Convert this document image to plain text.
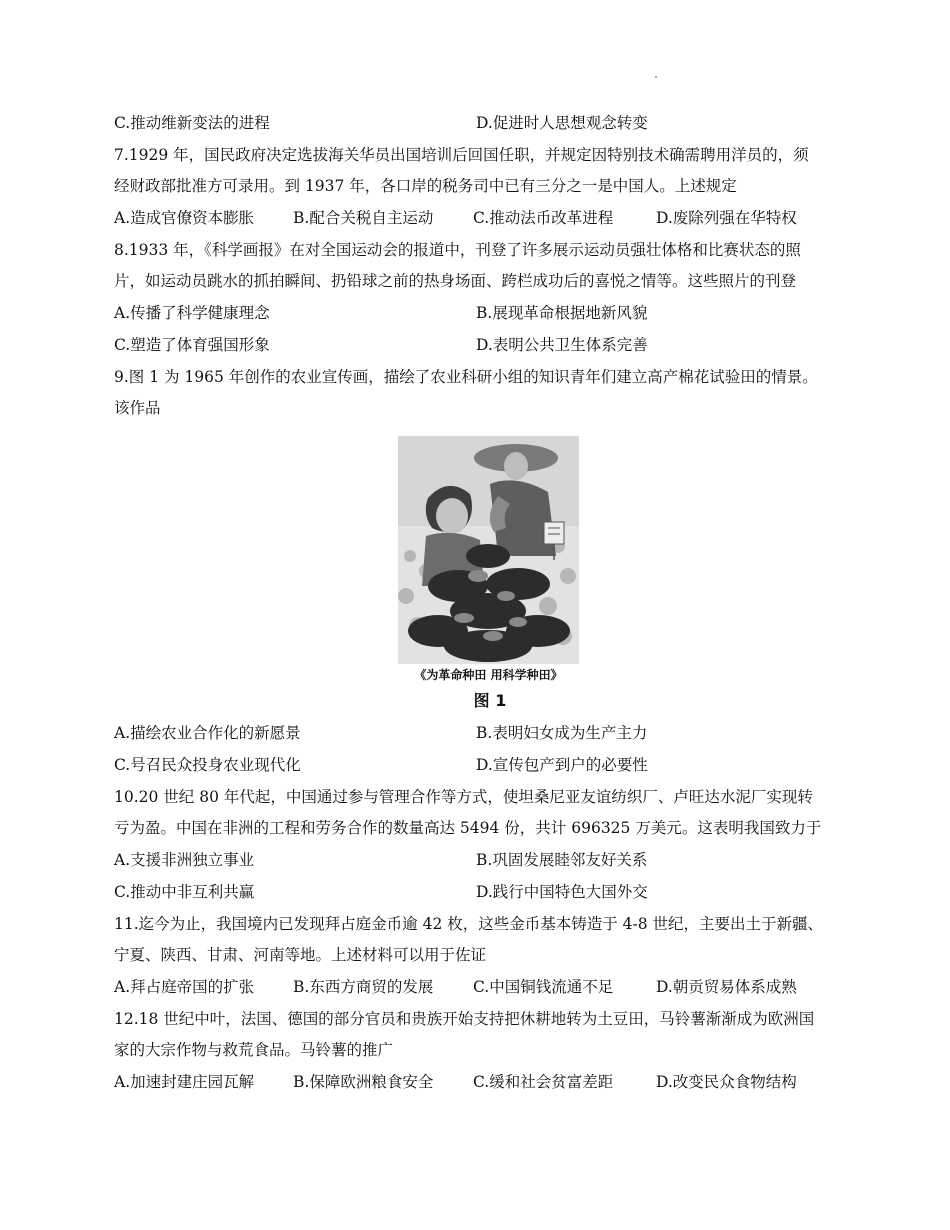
C.推动维新变法的进程	D.促进时人思想观念转变
7.1929 年，国民政府决定选拔海关华员出国培训后回国任职，并规定因特别技术确需聘用洋员的，须
经财政部批准方可录用。到 1937 年，各口岸的税务司中已有三分之一是中国人。上述规定
A.造成官僚资本膨胀	B.配合关税自主运动	C.推动法币改革进程	D.废除列强在华特权
8.1933 年，《科学画报》在对全国运动会的报道中，刊登了许多展示运动员强壮体格和比赛状态的照
片，如运动员跳水的抓拍瞬间、扔铅球之前的热身场面、跨栏成功后的喜悦之情等。这些照片的刊登
A.传播了科学健康理念	B.展现革命根据地新风貌
C.塑造了体育强国形象	D.表明公共卫生体系完善
9.图 1 为 1965 年创作的农业宣传画，描绘了农业科研小组的知识青年们建立高产棉花试验田的情景。
该作品
《为革命种田 用科学种田》
图 1
A.描绘农业合作化的新愿景	B.表明妇女成为生产主力
C.号召民众投身农业现代化	D.宣传包产到户的必要性
10.20 世纪 80 年代起，中国通过参与管理合作等方式，使坦桑尼亚友谊纺织厂、卢旺达水泥厂实现转
亏为盈。中国在非洲的工程和劳务合作的数量高达 5494 份，共计 696325 万美元。这表明我国致力于
A.支援非洲独立事业	B.巩固发展睦邻友好关系
C.推动中非互利共赢	D.践行中国特色大国外交
11.迄今为止，我国境内已发现拜占庭金币逾 42 枚，这些金币基本铸造于 4-8 世纪，主要出土于新疆、
宁夏、陕西、甘肃、河南等地。上述材料可以用于佐证
A.拜占庭帝国的扩张	B.东西方商贸的发展	C.中国铜钱流通不足	D.朝贡贸易体系成熟
12.18 世纪中叶，法国、德国的部分官员和贵族开始支持把休耕地转为土豆田，马铃薯渐渐成为欧洲国
家的大宗作物与救荒食品。马铃薯的推广
A.加速封建庄园瓦解	B.保障欧洲粮食安全	C.缓和社会贫富差距	D.改变民众食物结构
